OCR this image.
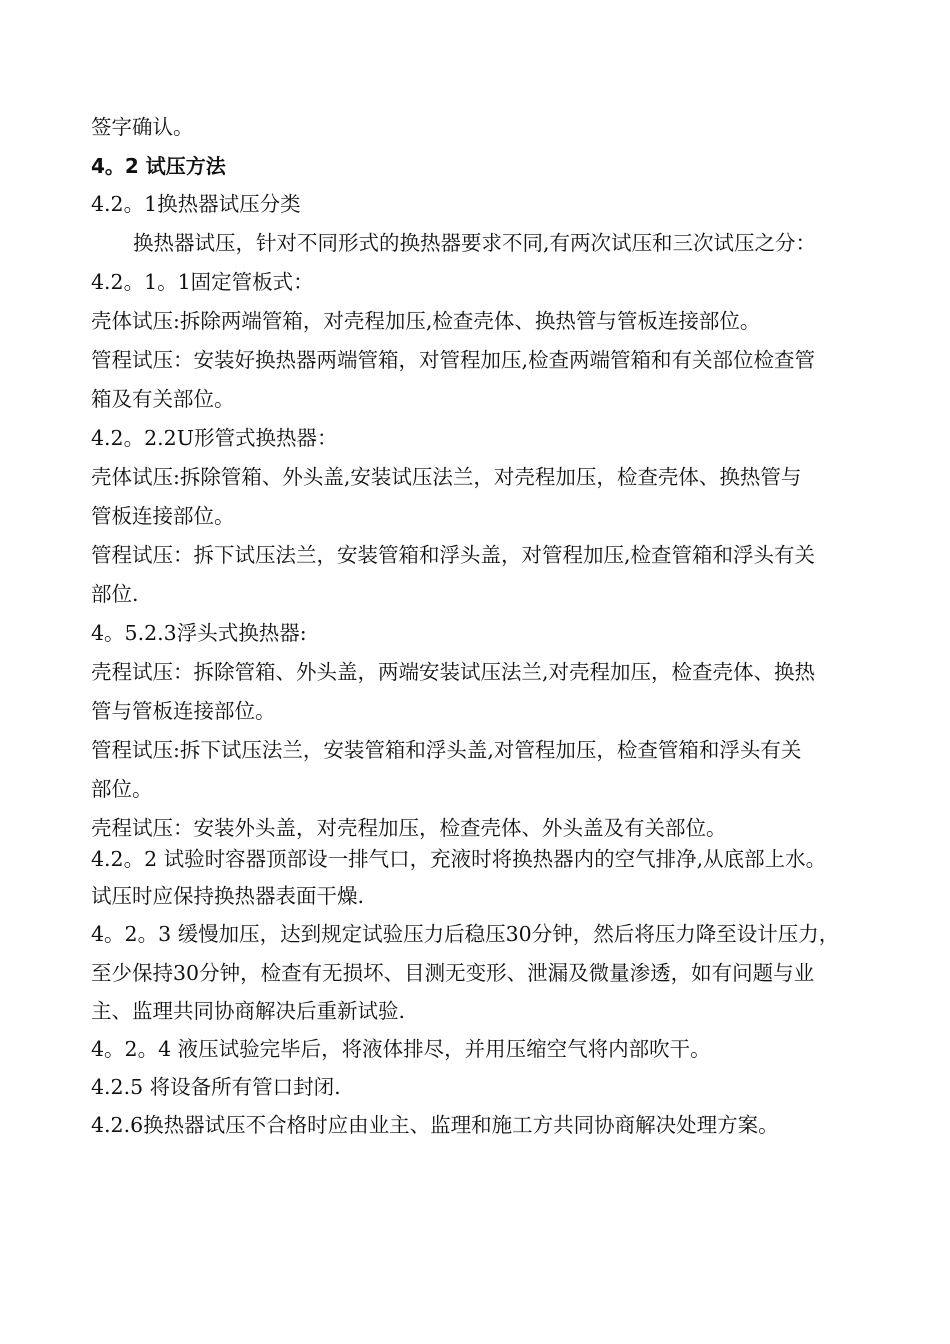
签字确认。
4。2 试压方法
4.2。1换热器试压分类
换热器试压，针对不同形式的换热器要求不同,有两次试压和三次试压之分：
4.2。1。1固定管板式：
壳体试压:拆除两端管箱，对壳程加压,检查壳体、换热管与管板连接部位。
管程试压：安装好换热器两端管箱，对管程加压,检查两端管箱和有关部位检查管
箱及有关部位。
4.2。2.2U形管式换热器：
壳体试压:拆除管箱、外头盖,安装试压法兰，对壳程加压，检查壳体、换热管与
管板连接部位。
管程试压：拆下试压法兰，安装管箱和浮头盖，对管程加压,检查管箱和浮头有关
部位.
4。5.2.3浮头式换热器:
壳程试压：拆除管箱、外头盖，两端安装试压法兰,对壳程加压，检查壳体、换热
管与管板连接部位。
管程试压:拆下试压法兰，安装管箱和浮头盖,对管程加压，检查管箱和浮头有关
部位。
壳程试压：安装外头盖，对壳程加压，检查壳体、外头盖及有关部位。
4.2。2 试验时容器顶部设一排气口，充液时将换热器内的空气排净,从底部上水。
试压时应保持换热器表面干燥.
4。2。3 缓慢加压，达到规定试验压力后稳压30分钟，然后将压力降至设计压力，
至少保持30分钟，检查有无损坏、目测无变形、泄漏及微量渗透，如有问题与业
主、监理共同协商解决后重新试验.
4。2。4 液压试验完毕后，将液体排尽，并用压缩空气将内部吹干。
4.2.5 将设备所有管口封闭.
4.2.6换热器试压不合格时应由业主、监理和施工方共同协商解决处理方案。
